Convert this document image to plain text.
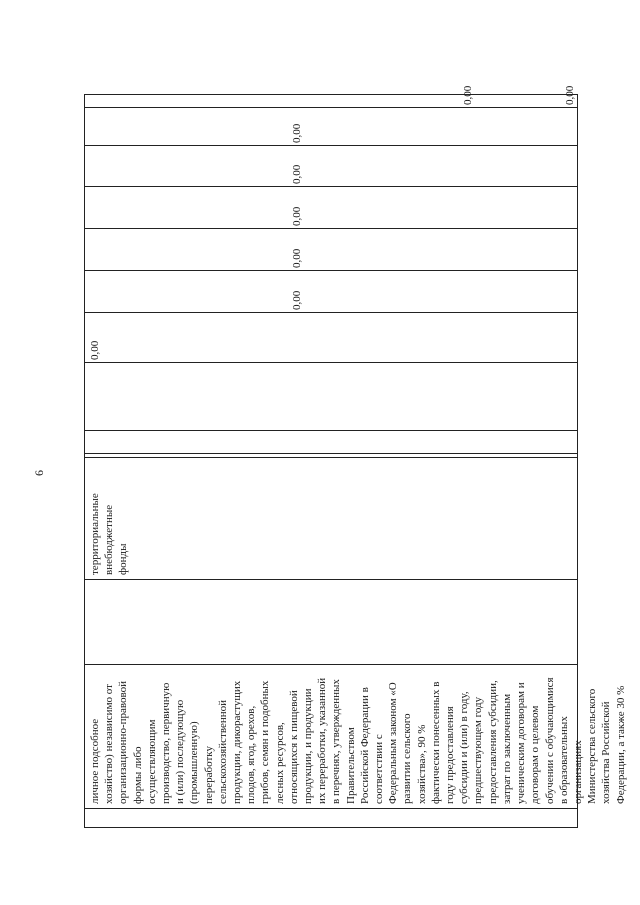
6
личное подсобное хозяйство) независимо от организационно-правовой формы либо осуществляющим производство, первичную и (или) последующую (промышленную) переработку сельскохозяйственной продукции, дикорастущих плодов, ягод, орехов, грибов, семян и подобных лесных ресурсов, относящихся к пищевой продукции, и продукции их переработки, указанной в перечнях, утвержденных Правительством Российской Федерации в соответствии с Федеральным законом «О развитии сельского хозяйства», 90 % фактически понесенных в году предоставления субсидии и (или) в году, предшествующем году предоставления субсидии, затрат по заключенным ученическим договорам и договорам о целевом обучении с обучающимися в образовательных организациях Министерства сельского хозяйства Российской Федерации, а также 30 %
территориальные внебюджетные фонды
0,00
0,00
0,00
0,00
0,00
0,00
0,00	0,00
